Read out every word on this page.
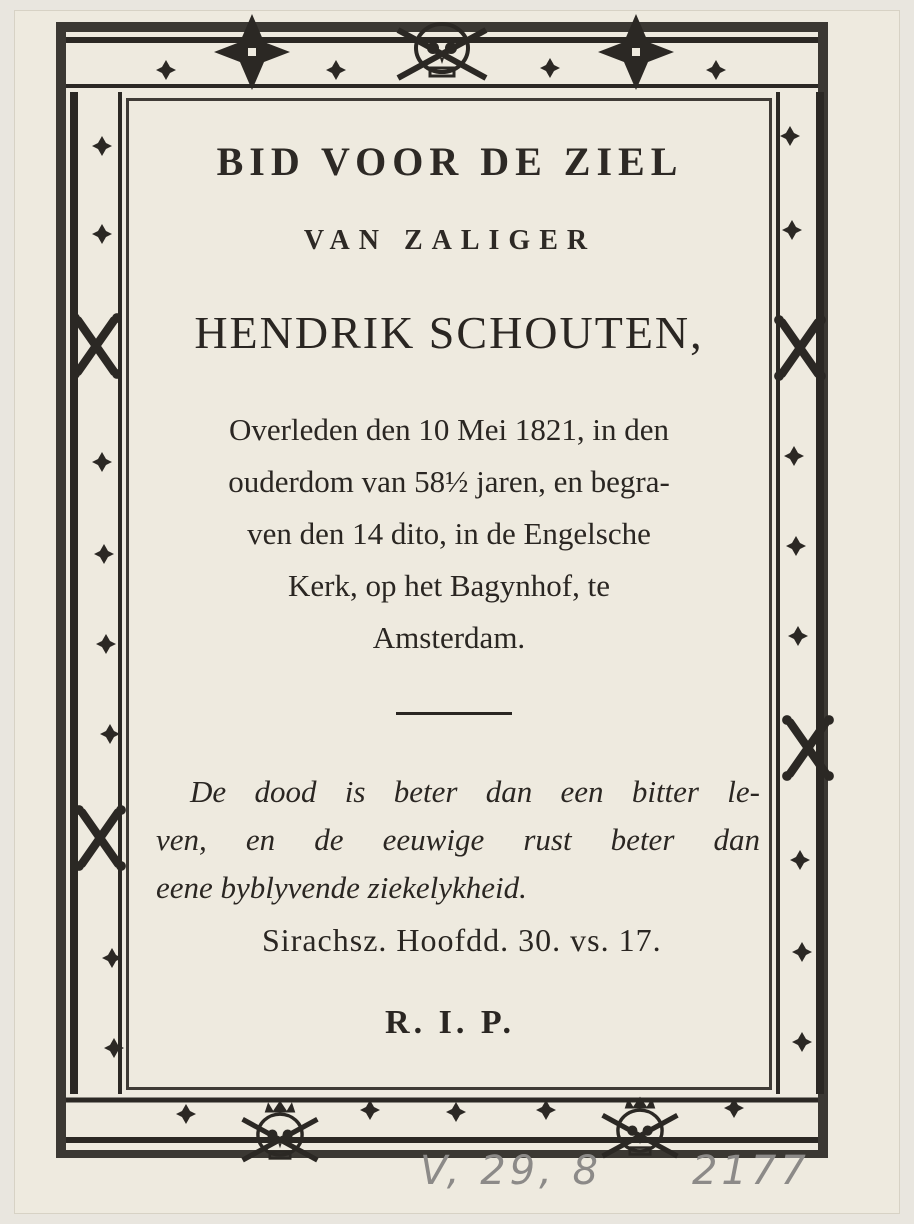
BID VOOR DE ZIEL
VAN ZALIGER
HENDRIK SCHOUTEN,
Overleden den 10 Mei 1821, in den
ouderdom van 58½ jaren, en begra-
ven den 14 dito, in de Engelsche
Kerk, op het Bagynhof, te
Amsterdam.
De dood is beter dan een bitter le-
ven, en de eeuwige rust beter dan
eene byblyvende ziekelykheid.
Sirachsz. Hoofdd. 30. vs. 17.
R. I. P.
V, 29, 8 2177
